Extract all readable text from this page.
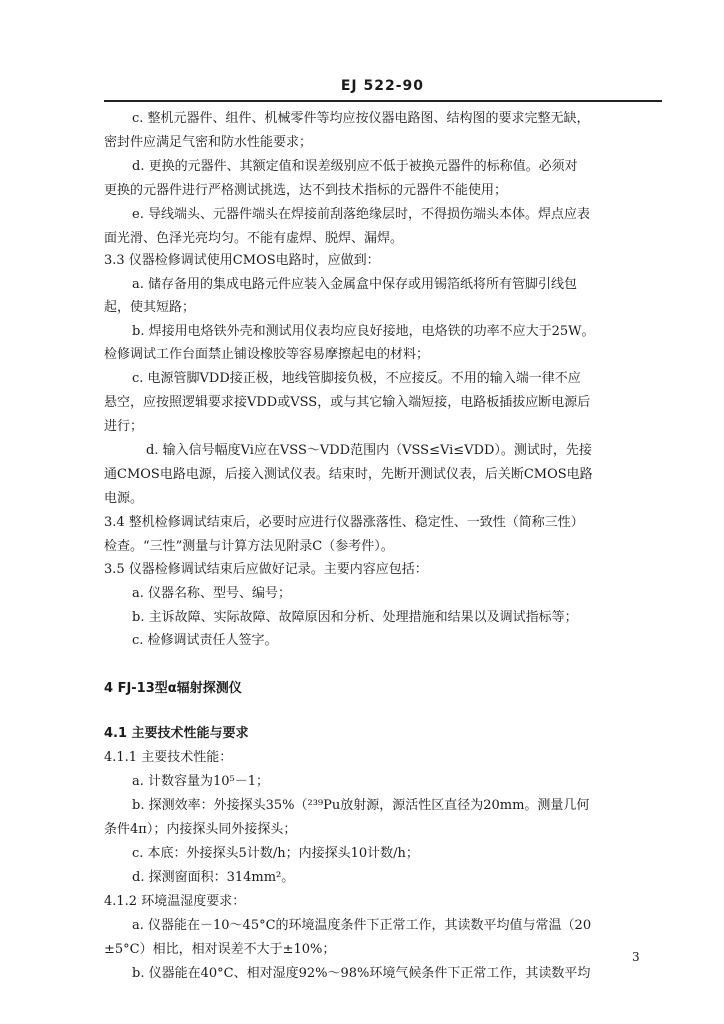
EJ 522-90
c. 整机元器件、组件、机械零件等均应按仪器电路图、结构图的要求完整无缺，
密封件应满足气密和防水性能要求；
d. 更换的元器件、其额定值和误差级别应不低于被换元器件的标称值。必须对
更换的元器件进行严格测试挑选，达不到技术指标的元器件不能使用；
e. 导线端头、元器件端头在焊接前刮落绝缘层时，不得损伤端头本体。焊点应表
面光滑、色泽光亮均匀。不能有虚焊、脱焊、漏焊。
3.3 仪器检修调试使用CMOS电路时，应做到：
a. 储存备用的集成电路元件应装入金属盒中保存或用锡箔纸将所有管脚引线包
起，使其短路；
b. 焊接用电烙铁外壳和测试用仪表均应良好接地，电烙铁的功率不应大于25W。
检修调试工作台面禁止铺设橡胶等容易摩擦起电的材料；
c. 电源管脚VDD接正极，地线管脚接负极，不应接反。不用的输入端一律不应
悬空，应按照逻辑要求接VDD或VSS，或与其它输入端短接，电路板插拔应断电源后
进行；
d. 输入信号幅度Vi应在VSS～VDD范围内（VSS≤Vi≤VDD）。测试时，先接
通CMOS电路电源，后接入测试仪表。结束时，先断开测试仪表，后关断CMOS电路
电源。
3.4 整机检修调试结束后，必要时应进行仪器涨落性、稳定性、一致性（简称三性）
检查。“三性”测量与计算方法见附录C（参考件）。
3.5 仪器检修调试结束后应做好记录。主要内容应包括：
a. 仪器名称、型号、编号；
b. 主诉故障、实际故障、故障原因和分析、处理措施和结果以及调试指标等；
c. 检修调试责任人签字。
4 FJ-13型α辐射探测仪
4.1 主要技术性能与要求
4.1.1 主要技术性能：
a. 计数容量为10⁵－1；
b. 探测效率：外接探头35%（²³⁹Pu放射源，源活性区直径为20mm。测量几何
条件4π）；内接探头同外接探头；
c. 本底：外接探头5计数/h；内接探头10计数/h；
d. 探测窗面积：314mm²。
4.1.2 环境温湿度要求：
a. 仪器能在－10～45°C的环境温度条件下正常工作，其读数平均值与常温（20
±5°C）相比，相对误差不大于±10%；
b. 仪器能在40°C、相对湿度92%～98%环境气候条件下正常工作，其读数平均
3
